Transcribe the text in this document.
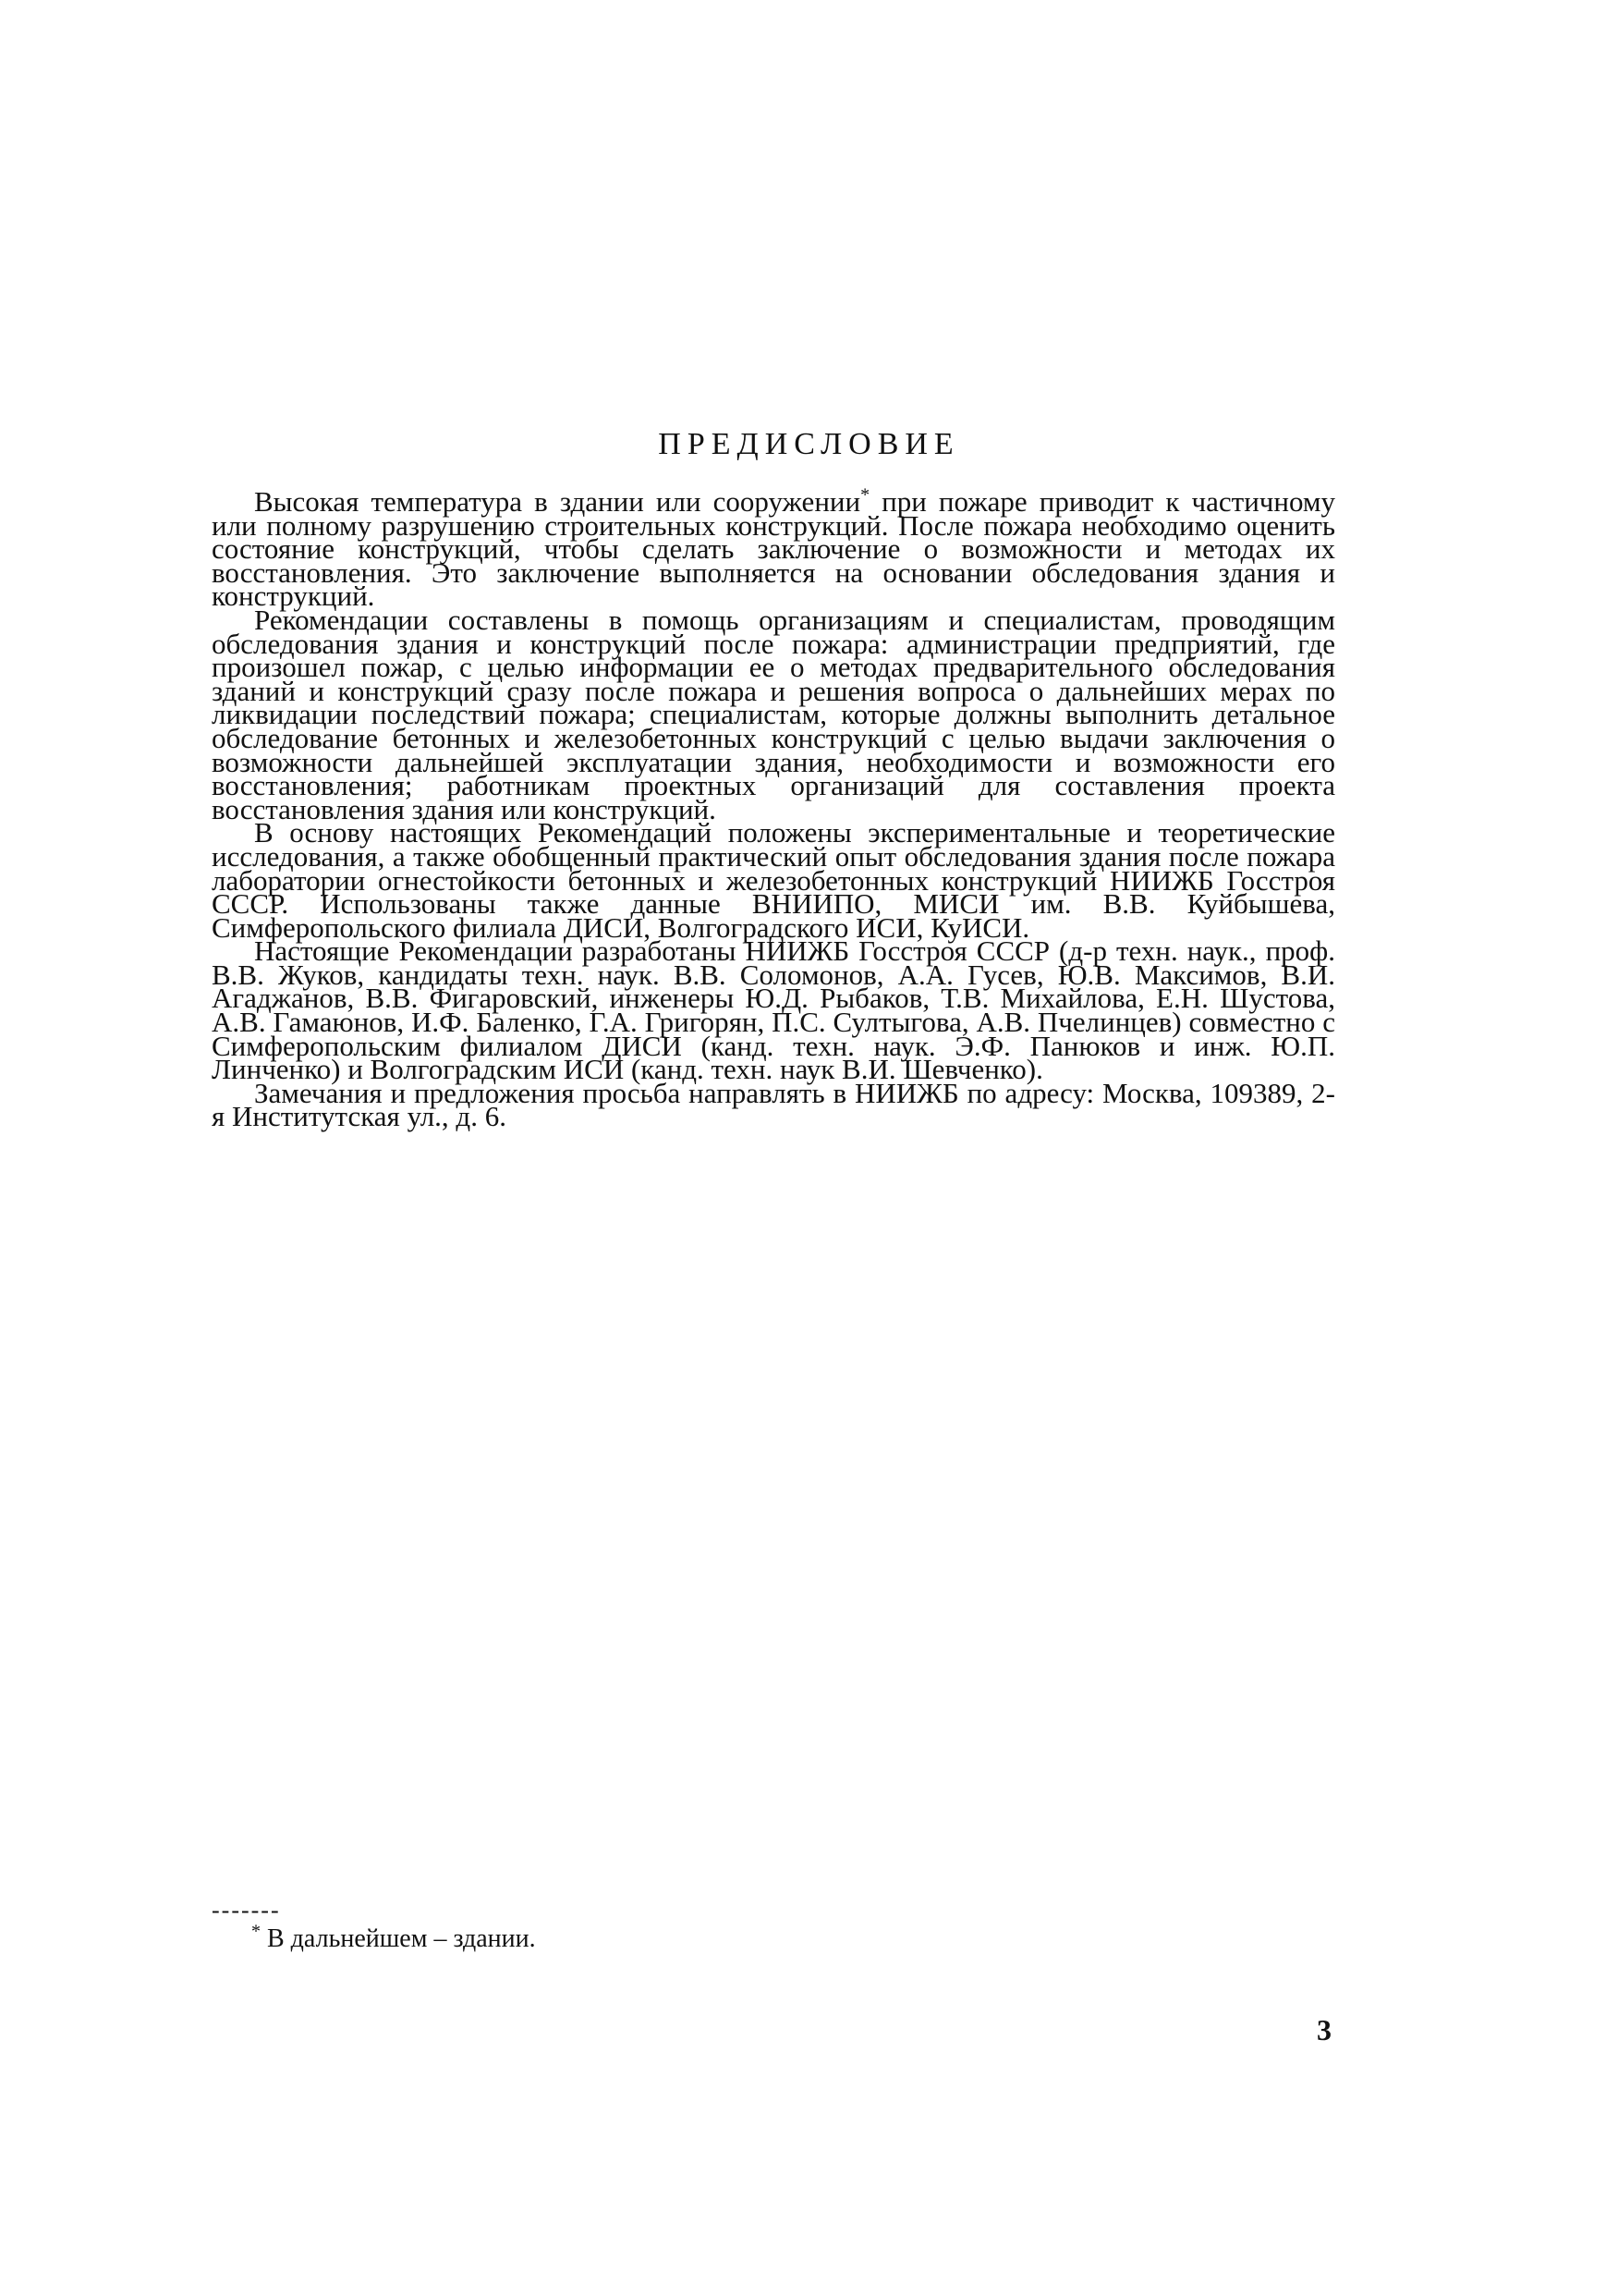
ПРЕДИСЛОВИЕ

Высокая температура в здании или сооружении* при пожаре приводит к частичному или полному разрушению строительных конструкций. После пожара необходимо оценить состояние конструкций, чтобы сделать заключение о возможности и методах их восстановления. Это заключение выполняется на основании обследования здания и конструкций.

Рекомендации составлены в помощь организациям и специалистам, проводящим обследования здания и конструкций после пожара: администрации предприятий, где произошел пожар, с целью информации ее о методах предварительного обследования зданий и конструкций сразу после пожара и решения вопроса о дальнейших мерах по ликвидации последствий пожара; специалистам, которые должны выполнить детальное обследование бетонных и железобетонных конструкций с целью выдачи заключения о возможности дальнейшей эксплуатации здания, необходимости и возможности его восстановления; работникам проектных организаций для составления проекта восстановления здания или конструкций.

В основу настоящих Рекомендаций положены экспериментальные и теоретические исследования, а также обобщенный практический опыт обследования здания после пожара лаборатории огнестойкости бетонных и железобетонных конструкций НИИЖБ Госстроя СССР. Использованы также данные ВНИИПО, МИСИ им. В.В. Куйбышева, Симферопольского филиала ДИСИ, Волгоградского ИСИ, КуИСИ.

Настоящие Рекомендации разработаны НИИЖБ Госстроя СССР (д-р техн. наук., проф. В.В. Жуков, кандидаты техн. наук. В.В. Соломонов, А.А. Гусев, Ю.В. Максимов, В.И. Агаджанов, В.В. Фигаровский, инженеры Ю.Д. Рыбаков, Т.В. Михайлова, Е.Н. Шустова, А.В. Гамаюнов, И.Ф. Баленко, Г.А. Григорян, П.С. Султыгова, А.В. Пчелинцев) совместно с Симферопольским филиалом ДИСИ (канд. техн. наук. Э.Ф. Панюков и инж. Ю.П. Линченко) и Волгоградским ИСИ (канд. техн. наук В.И. Шевченко).

Замечания и предложения просьба направлять в НИИЖБ по адресу: Москва, 109389, 2-я Институтская ул., д. 6.

-------

* В дальнейшем – здании.

3
